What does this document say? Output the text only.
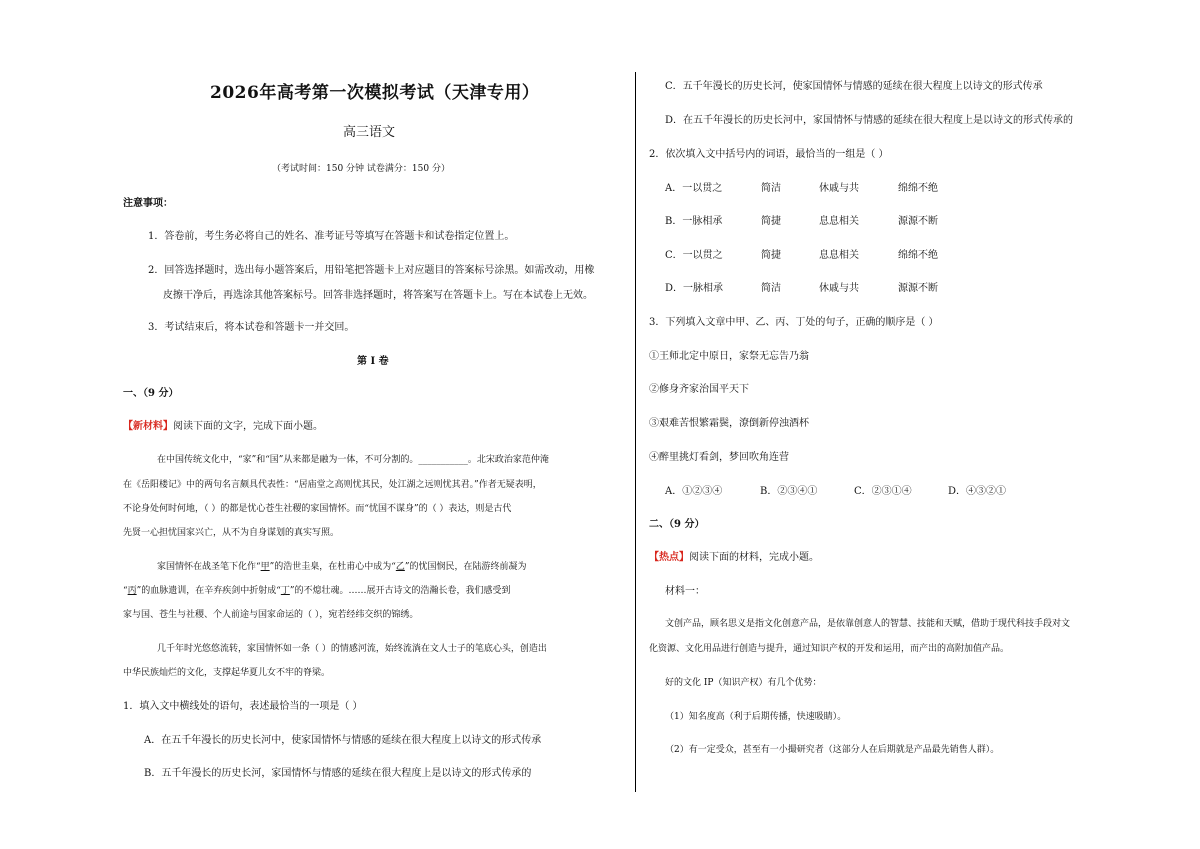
2026年高考第一次模拟考试（天津专用）
高三语文
（考试时间：150 分钟 试卷满分：150 分）
注意事项：
1．答卷前，考生务必将自己的姓名、准考证号等填写在答题卡和试卷指定位置上。
2．回答选择题时，选出每小题答案后，用铅笔把答题卡上对应题目的答案标号涂黑。如需改动，用橡
皮擦干净后，再选涂其他答案标号。回答非选择题时，将答案写在答题卡上。写在本试卷上无效。
3．考试结束后，将本试卷和答题卡一并交回。
第 I 卷
一、（9 分）
【新材料】阅读下面的文字，完成下面小题。
在中国传统文化中，“家”和“国”从来都是融为一体，不可分割的。___________。北宋政治家范仲淹
在《岳阳楼记》中的两句名言颇具代表性：“居庙堂之高则忧其民，处江湖之远则忧其君。”作者无疑表明，
不论身处何时何地，（ ）的都是忧心苍生社稷的家国情怀。而“忧国不谋身”的（ ）表达，则是古代
先贤一心担忧国家兴亡，从不为自身谋划的真实写照。
家国情怀在战圣笔下化作“甲”的浩世圭臬，在杜甫心中成为“乙”的忧国悯民，在陆游终前凝为
“丙”的血脉遗训，在辛弃疾剑中折射成“丁”的不熄壮魂。……展开古诗文的浩瀚长卷，我们感受到
家与国、苍生与社稷、个人前途与国家命运的（ ），宛若经纬交织的锦绣。
几千年时光悠悠流转，家国情怀如一条（ ）的情感河流，始终流淌在文人士子的笔底心头，创造出
中华民族灿烂的文化，支撑起华夏儿女不牢的脊梁。
1．填入文中横线处的语句，表述最恰当的一项是（ ）
A．在五千年漫长的历史长河中，使家国情怀与情感的延续在很大程度上以诗文的形式传承
B．五千年漫长的历史长河，家国情怀与情感的延续在很大程度上是以诗文的形式传承的
C．五千年漫长的历史长河，使家国情怀与情感的延续在很大程度上以诗文的形式传承
D．在五千年漫长的历史长河中，家国情怀与情感的延续在很大程度上是以诗文的形式传承的
2．依次填入文中括号内的词语，最恰当的一组是（ ）
A．一以贯之	简洁	休戚与共	绵绵不绝
B．一脉相承	简捷	息息相关	源源不断
C．一以贯之	简捷	息息相关	绵绵不绝
D．一脉相承	简洁	休戚与共	源源不断
3．下列填入文章中甲、乙、丙、丁处的句子，正确的顺序是（ ）
①王师北定中原日，家祭无忘告乃翁
②修身齐家治国平天下
③艰难苦恨繁霜鬓，潦倒新停浊酒杯
④醉里挑灯看剑，梦回吹角连营
A．①②③④	B．②③④①	C．②③①④	D．④③②①
二、（9 分）
【热点】阅读下面的材料，完成小题。
材料一：
文创产品，顾名思义是指文化创意产品，是依靠创意人的智慧、技能和天赋，借助于现代科技手段对文
化资源、文化用品进行创造与提升，通过知识产权的开发和运用，而产出的高附加值产品。
好的文化 IP（知识产权）有几个优势：
（1）知名度高（利于后期传播，快速吸睛）。
（2）有一定受众，甚至有一小撮研究者（这部分人在后期就是产品最先销售人群）。
